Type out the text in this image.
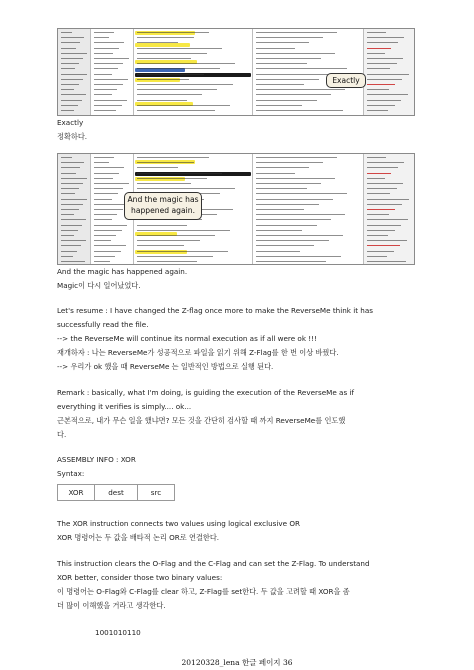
Exactly

Exactly

정확하다.

And the magic has
happened again.

And the magic has happened again.

Magic이 다시 일어났었다.

Let's resume : I have changed the Z-flag once more to make the ReverseMe think it has

successfully read the file.

--> the ReverseMe will continue its normal execution as if all were ok !!!

재개하자 : 나는 ReverseMe가 성공적으로 파일을 읽기 위해 Z-Flag를 한 번 이상 바꿨다.

--> 우리가 ok 했을 때 ReverseMe 는 일반적인 방법으로 실행 된다.

Remark : basically, what I'm doing, is guiding the execution of the ReverseMe as if

everything it verifies is simply.... ok...

근본적으로, 내가 무슨 일을 했냐면? 모든 것을 간단히 검사할 때 까지 ReverseMe를 인도했

다.

ASSEMBLY INFO : XOR

Syntax:

XOR	dest	src

The XOR instruction connects two values using logical exclusive OR

XOR 명령어는 두 값을 배타적 논리 OR로 연결한다.

This instruction clears the O-Flag and the C-Flag and can set the Z-Flag. To understand

XOR better, consider those two binary values:

이 명령어는 O-Flag와 C-Flag를 clear 하고, Z-Flag를 set한다. 두 값을 고려할 때 XOR을 좀

더 많이 이해했을 거라고 생각한다.

1001010110

20120328_lena 한글 페이지 36
